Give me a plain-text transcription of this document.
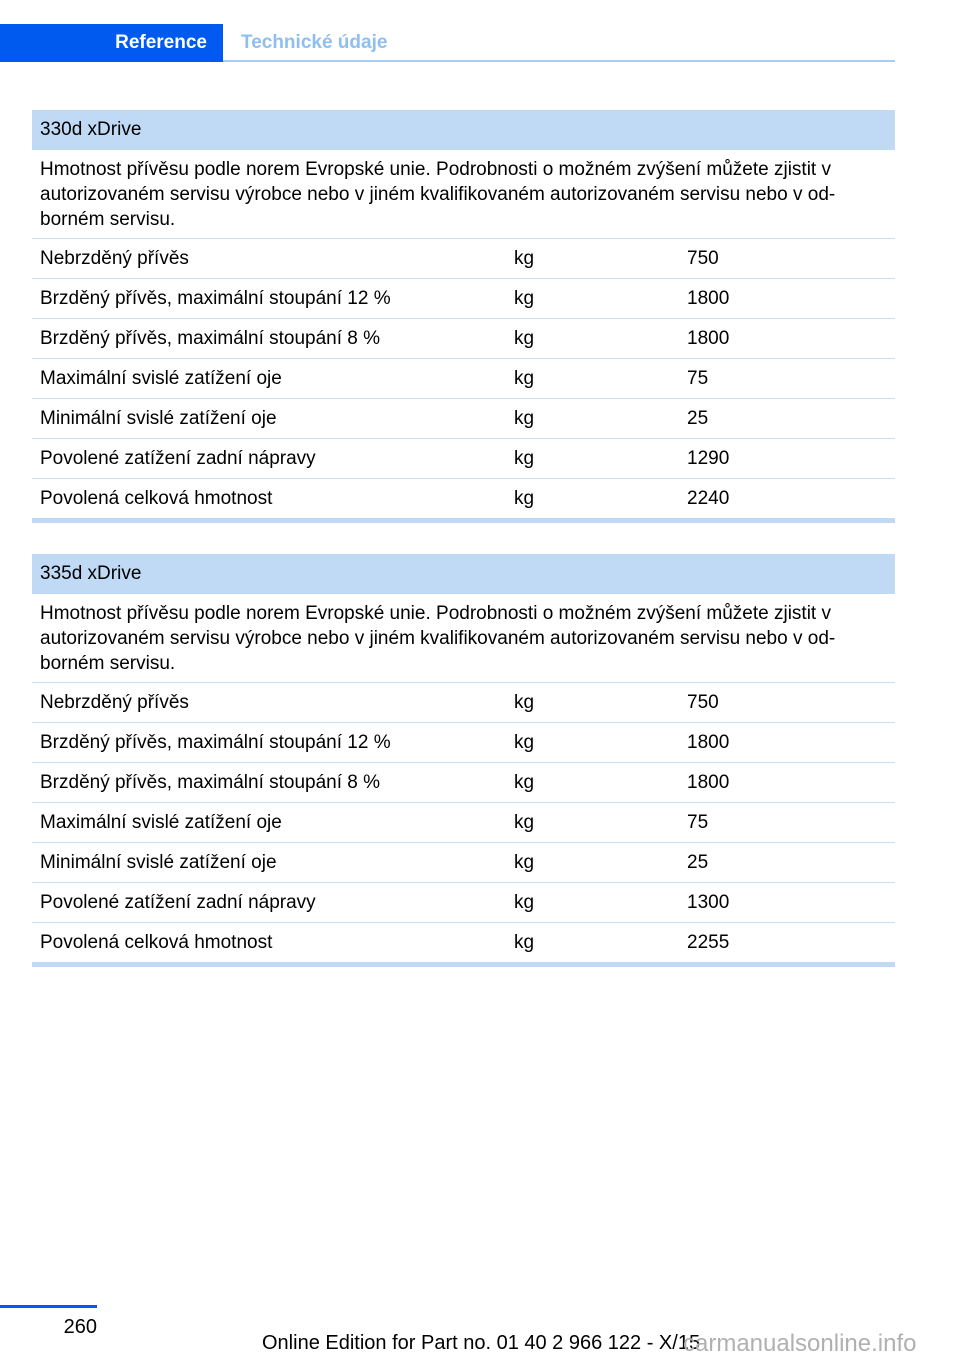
Reference Technické údaje
330d xDrive
Hmotnost přívěsu podle norem Evropské unie. Podrobnosti o možném zvýšení můžete zjistit v autorizovaném servisu výrobce nebo v jiném kvalifikovaném autorizovaném servisu nebo v odborném servisu.
Nebrzděný přívěs	kg	750
Brzděný přívěs, maximální stoupání 12 %	kg	1800
Brzděný přívěs, maximální stoupání 8 %	kg	1800
Maximální svislé zatížení oje	kg	75
Minimální svislé zatížení oje	kg	25
Povolené zatížení zadní nápravy	kg	1290
Povolená celková hmotnost	kg	2240
335d xDrive
Hmotnost přívěsu podle norem Evropské unie. Podrobnosti o možném zvýšení můžete zjistit v autorizovaném servisu výrobce nebo v jiném kvalifikovaném autorizovaném servisu nebo v odborném servisu.
Nebrzděný přívěs	kg	750
Brzděný přívěs, maximální stoupání 12 %	kg	1800
Brzděný přívěs, maximální stoupání 8 %	kg	1800
Maximální svislé zatížení oje	kg	75
Minimální svislé zatížení oje	kg	25
Povolené zatížení zadní nápravy	kg	1300
Povolená celková hmotnost	kg	2255
260
Online Edition for Part no. 01 40 2 966 122 - X/15
carmanualsonline.info
